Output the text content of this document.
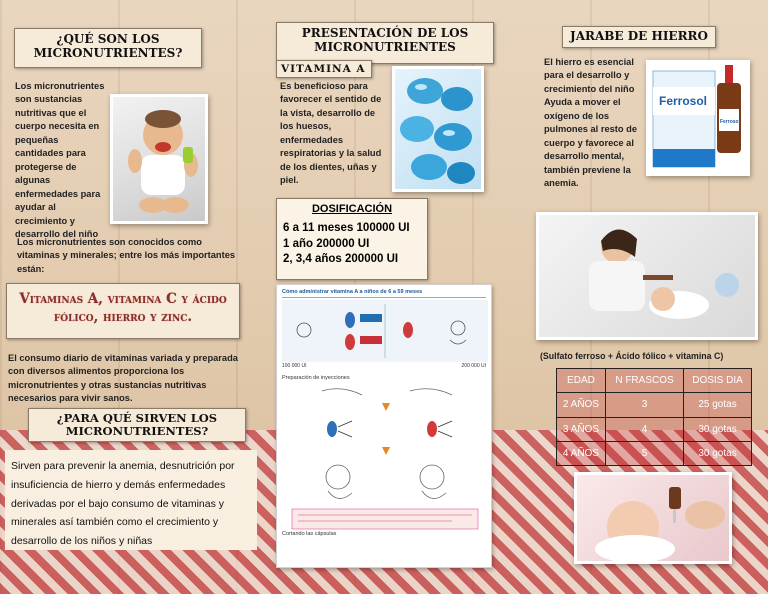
¿QUÉ SON LOS MICRONUTRIENTES?
Los micronutrientes son sustancias nutritivas que el cuerpo necesita en pequeñas cantidades para protegerse de algunas enfermedades para ayudar al crecimiento y desarrollo del niño
Los micronutrientes son conocidos como vitaminas y minerales; entre los más importantes están:
Vitaminas A, vitamina C y ácido fólico, hierro y zinc.
El consumo diario de vitaminas variada y preparada con diversos alimentos proporciona los micronutrientes y otras sustancias nutritivas necesarios para vivir sanos.
¿PARA QUÉ SIRVEN LOS MICRONUTRIENTES?
Sirven para prevenir la anemia, desnutrición por insuficiencia de hierro y demás enfermedades derivadas por el bajo consumo de vitaminas y minerales así también como el crecimiento y desarrollo de los niños y niñas
PRESENTACIÓN DE LOS MICRONUTRIENTES
VITAMINA A
Es beneficioso para favorecer el sentido de la vista, desarrollo de los huesos, enfermedades respiratorias y la salud de los dientes, uñas y piel.
DOSIFICACIÓN
6 a 11 meses 100000 UI
1 año 200000 UI
2, 3,4 años 200000 UI
Cómo administrar vitamina A a niños de 6 a 59 meses
100 000 UI	200 000 UI
Preparación de inyecciones
Cortando las cápsulas
JARABE DE HIERRO
El hierro es esencial para el desarrollo y crecimiento del niño Ayuda a mover el oxígeno de los pulmones al resto de cuerpo y favorece al desarrollo mental, también previene la anemia.
Ferrosol
Ferrosol
(Sulfato ferroso + Ácido fólico + vitamina C)
EDAD	N FRASCOS	DOSIS DIA
2 AÑOS	3	25 gotas
3 AÑOS	4	30 gotas
4 AÑOS	5	30 gotas
